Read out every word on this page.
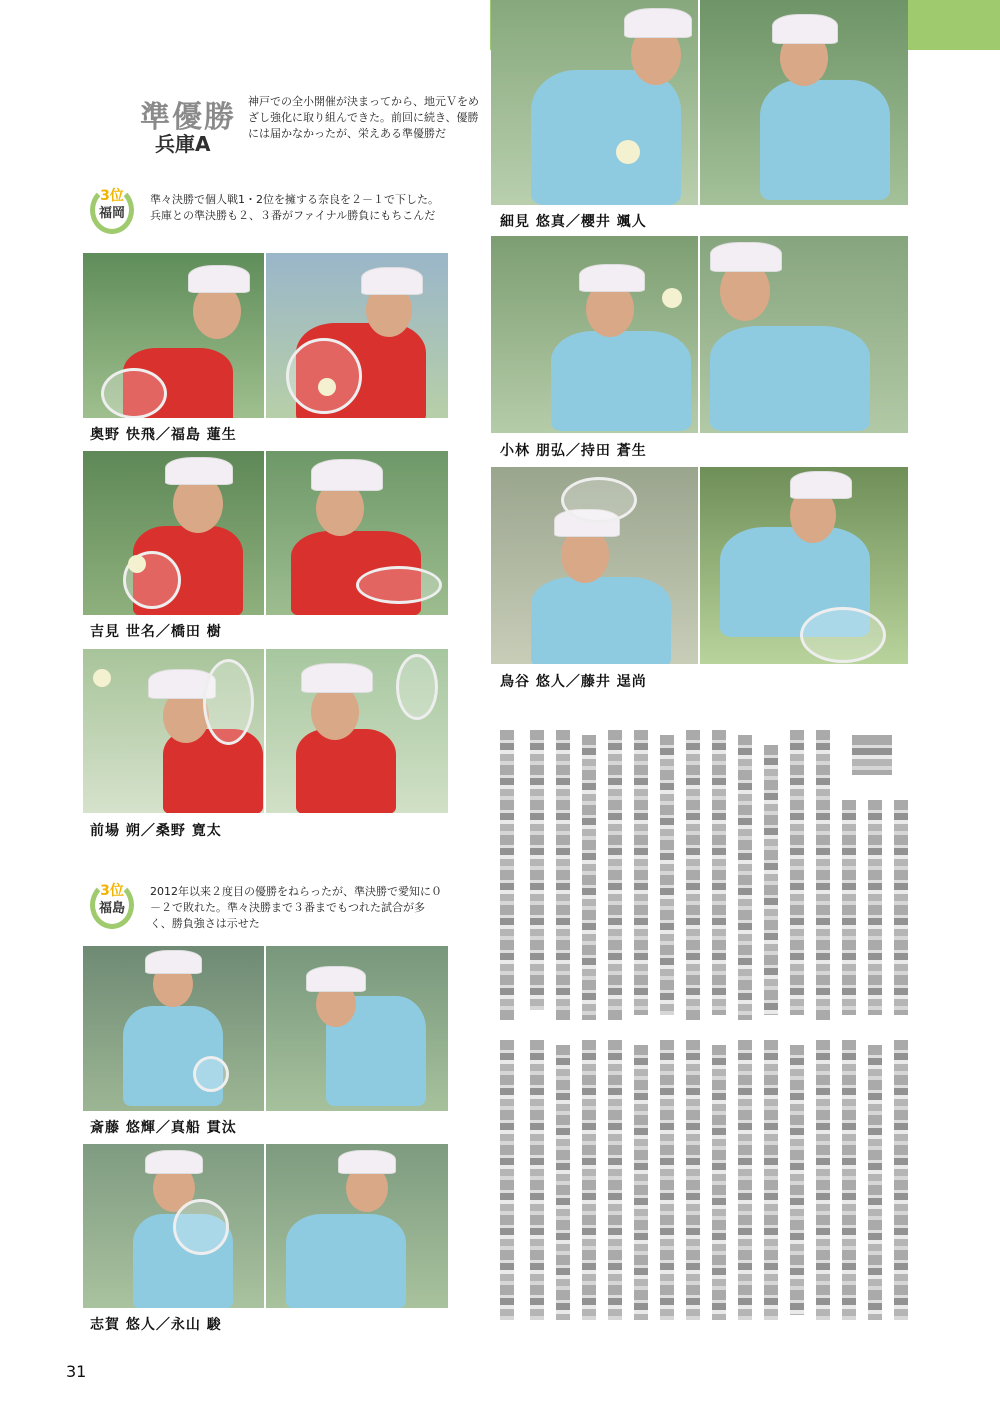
準優勝
兵庫A
神戸での全小開催が決まってから、地元Ｖをめざし強化に取り組んできた。前回に続き、優勝には届かなかったが、栄えある準優勝だ
3位
福岡
準々決勝で個人戦1・2位を擁する奈良を２－１で下した。兵庫との準決勝も２、３番がファイナル勝負にもちこんだ
奥野 快飛／福島 蓮生
吉見 世名／橋田 樹
前場 朔／桑野 寛太
3位
福島
2012年以来２度目の優勝をねらったが、準決勝で愛知に０－２で敗れた。準々決勝まで３番までもつれた試合が多く、勝負強さは示せた
斎藤 悠輝／真船 貫汰
志賀 悠人／永山 駿
細見 悠真／櫻井 颯人
小林 朋弘／持田 蒼生
鳥谷 悠人／藤井 逞尚
31
